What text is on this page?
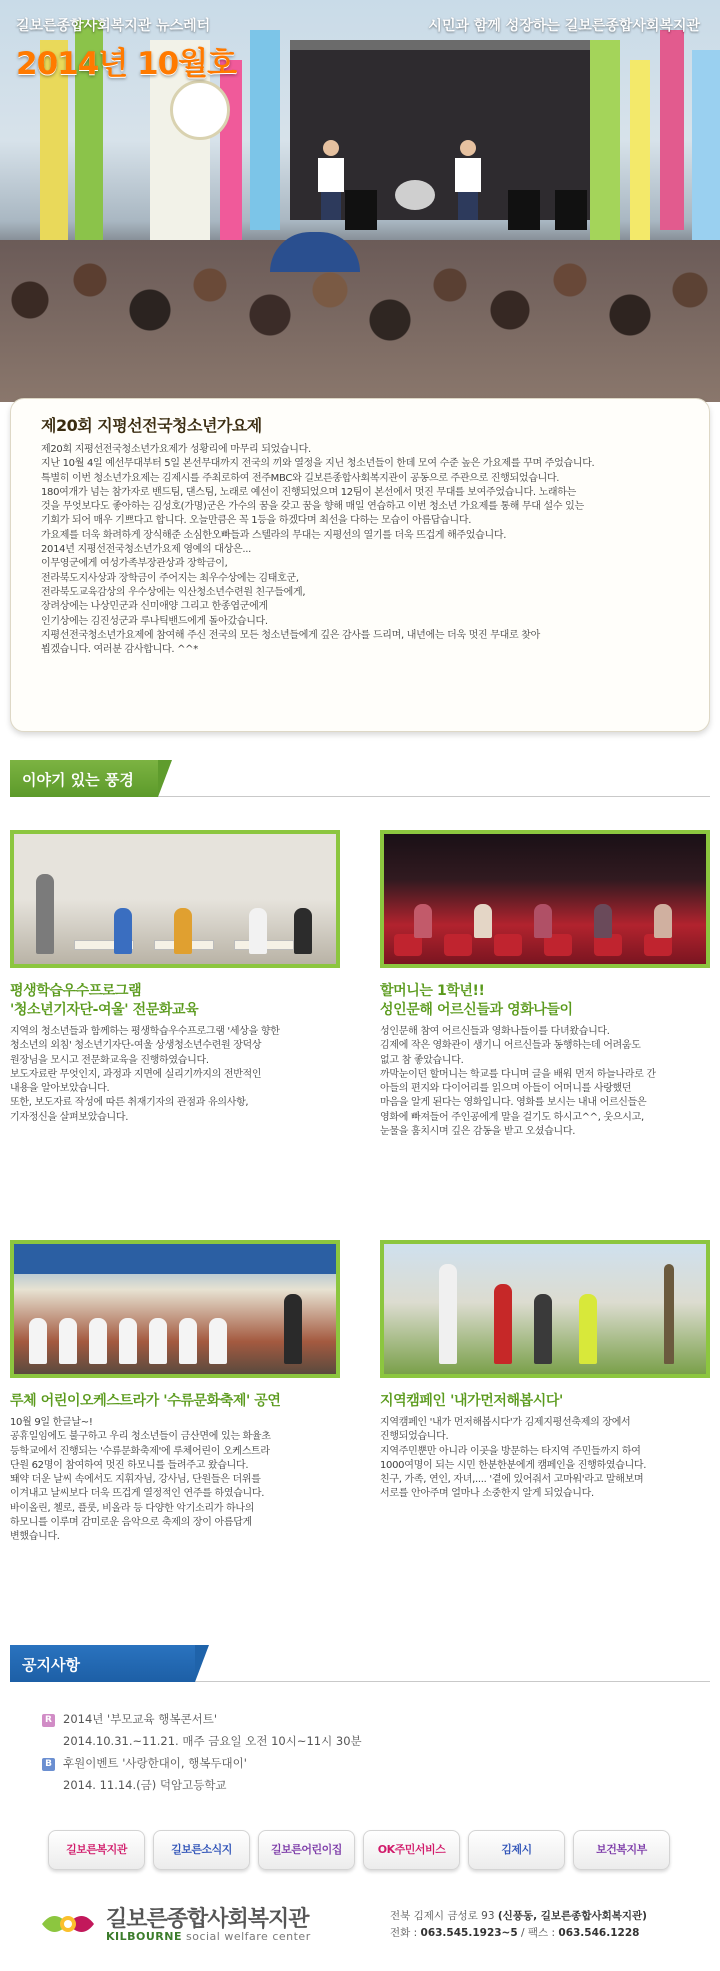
길보른종합사회복지관 뉴스레터
2014년 10월호
시민과 함께 성장하는 길보른종합사회복지관
제20회 지평선전국청소년가요제
제20회 지평선전국청소년가요제가 성황리에 마무리 되었습니다.
지난 10월 4일 예선무대부터 5일 본선무대까지 전국의 끼와 열정을 지닌 청소년들이 한데 모여 수준 높은 가요제를 꾸며 주었습니다.
특별히 이번 청소년가요제는 김제시를 주최로하여 전주MBC와 길보른종합사회복지관이 공동으로 주관으로 진행되었습니다.
180여개가 넘는 참가자로 밴드팀, 댄스팀, 노래로 예선이 진행되었으며 12팀이 본선에서 멋진 무대를 보여주었습니다. 노래하는
것을 무엇보다도 좋아하는 김성호(가명)군은 가수의 꿈을 갖고 꿈을 향해 매일 연습하고 이번 청소년 가요제를 통해 무대 설수 있는
기회가 되어 매우 기쁘다고 합니다. 오늘만큼은 꼭 1등을 하겠다며 최선을 다하는 모습이 아름답습니다.
가요제를 더욱 화려하게 장식해준 소심한오빠들과 스텔라의 무대는 지평선의 열기를 더욱 뜨겁게 해주었습니다.
2014년 지평선전국청소년가요제 영예의 대상은...
이무영군에게 여성가족부장관상과 장학금이,
전라북도지사상과 장학금이 주어지는 최우수상에는 김태호군,
전라북도교육감상의 우수상에는 익산청소년수련원 친구들에게,
장려상에는 나상민군과 신미애양 그리고 한종엽군에게
인기상에는 김진성군과 루나틱밴드에게 돌아갔습니다.
지평선전국청소년가요제에 참여해 주신 전국의 모든 청소년들에게 깊은 감사를 드리며, 내년에는 더욱 멋진 무대로 찾아
뵙겠습니다. 여러분 감사합니다. ^^*
이야기 있는 풍경
평생학습우수프로그램
'청소년기자단-여울' 전문화교육

지역의 청소년들과 함께하는 평생학습우수프로그램 '세상을 향한
청소년의 외침' 청소년기자단-여울 상생청소년수련원 장덕상
원장님을 모시고 전문화교육을 진행하였습니다.
보도자료란 무엇인지, 과정과 지면에 실리기까지의 전반적인
내용을 알아보았습니다.
또한, 보도자료 작성에 따른 취재기자의 관점과 유의사항,
기자정신을 살펴보았습니다.

할머니는 1학년!!
성인문해 어르신들과 영화나들이

성인문해 참여 어르신들과 영화나들이를 다녀왔습니다.
김제에 작은 영화관이 생기니 어르신들과 동행하는데 어려움도
없고 참 좋았습니다.
까막눈이던 할머니는 학교를 다니며 글을 배워 먼저 하늘나라로 간
아들의 편지와 다이어리를 읽으며 아들이 어머니를 사랑했던
마음을 알게 된다는 영화입니다. 영화를 보시는 내내 어르신들은
영화에 빠져들어 주인공에게 말을 걸기도 하시고^^, 웃으시고,
눈물을 훔치시며 깊은 감동을 받고 오셨습니다.

루체 어린이오케스트라가 '수류문화축제' 공연

10월 9일 한글날~!
공휴일임에도 불구하고 우리 청소년들이 금산면에 있는 화율초
등학교에서 진행되는 '수류문화축제'에 루체어린이 오케스트라
단원 62명이 참여하여 멋진 하모니를 들려주고 왔습니다.
뙈약 더운 날씨 속에서도 지휘자님, 강사님, 단원들은 더위를
이겨내고 날씨보다 더욱 뜨겁게 열정적인 연주를 하였습니다.
바이올린, 첼로, 플룻, 비올라 등 다양한 악기소리가 하나의
하모니를 이루며 감미로운 음악으로 축제의 장이 아름답게
변했습니다.

지역캠페인 '내가먼저해봅시다'

지역캠페인 '내가 먼저해봅시다'가 김제지평선축제의 장에서
진행되었습니다.
지역주민뿐만 아니라 이곳을 방문하는 타지역 주민들까지 하여
1000여명이 되는 시민 한분한분에게 캠페인을 진행하였습니다.
친구, 가족, 연인, 자녀,.... '곁에 있어줘서 고마워'라고 말해보며
서로를 안아주며 얼마나 소중한지 알게 되었습니다.

공지사항
R 2014년 '부모교육 행복콘서트'
2014.10.31.~11.21. 매주 금요일 오전 10시~11시 30분
B 후원이벤트 '사랑한대이, 행복두대이'
2014. 11.14.(금) 덕암고등학교
길보른복지관	길보른소식지	길보른어린이집	OK주민서비스	김제시	보건복지부
길보른종합사회복지관
KILBOURNE social welfare center
전북 김제시 금성로 93 (신풍동, 길보른종합사회복지관)
전화 : 063.545.1923~5 / 팩스 : 063.546.1228
